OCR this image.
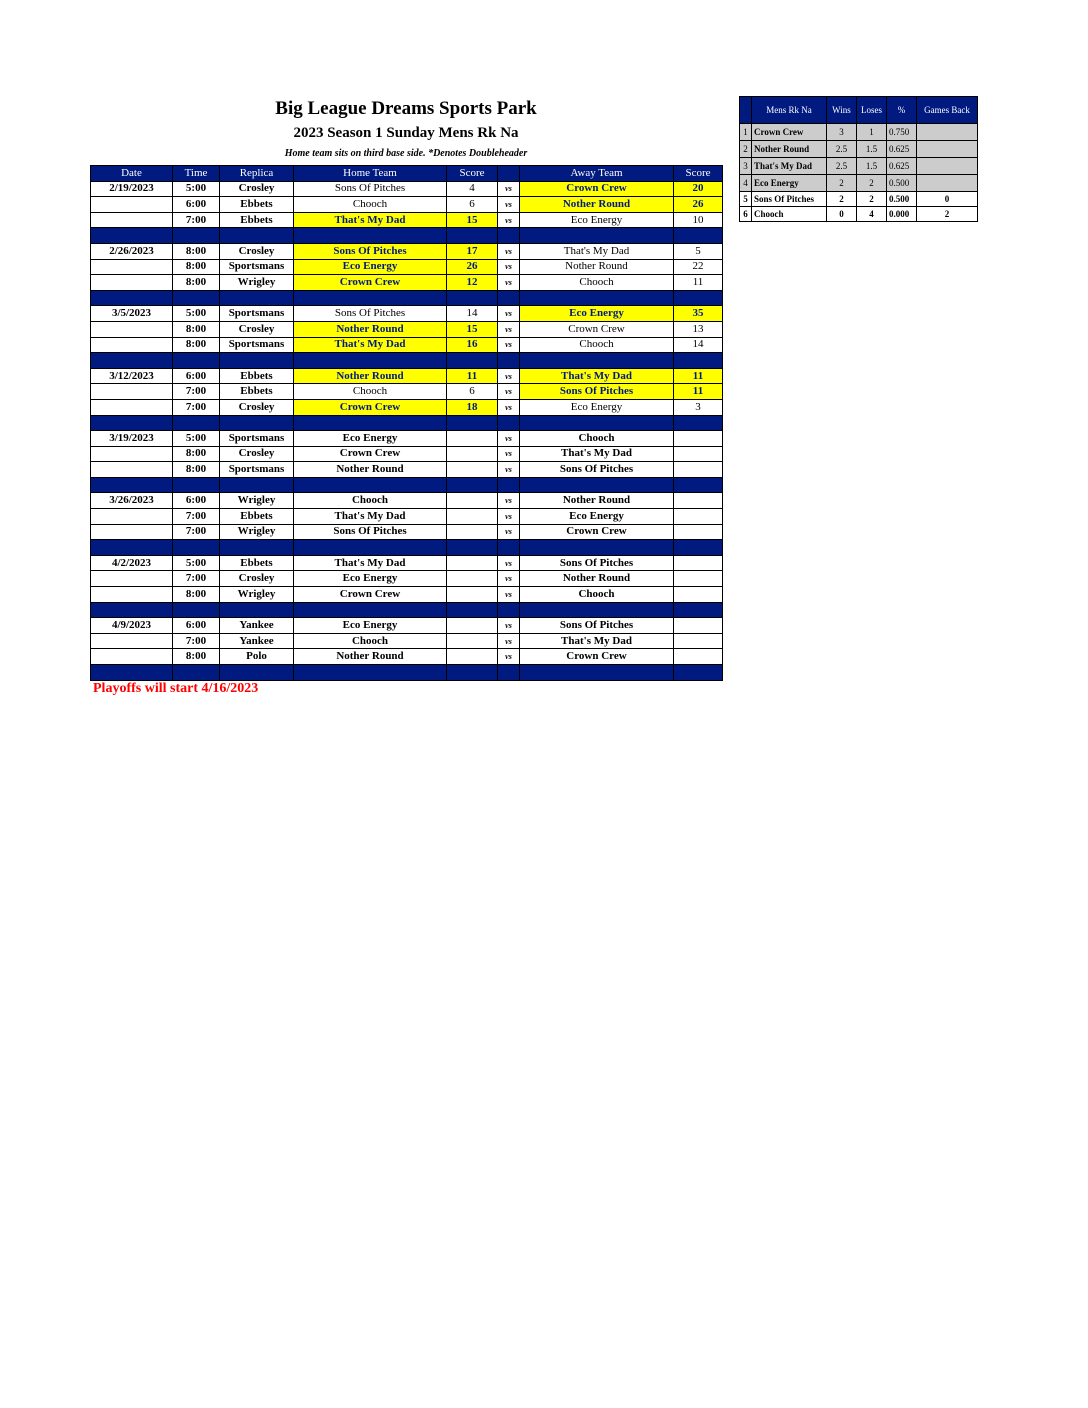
Big League Dreams Sports Park
2023 Season 1 Sunday Mens Rk Na
Home team sits on third base side. *Denotes Doubleheader
Date	Time	Replica	Home Team	Score		Away Team	Score
2/19/2023	5:00	Crosley	Sons Of Pitches	4	vs	Crown Crew	20
	6:00	Ebbets	Chooch	6	vs	Nother Round	26
	7:00	Ebbets	That's My Dad	15	vs	Eco Energy	10

2/26/2023	8:00	Crosley	Sons Of Pitches	17	vs	That's My Dad	5
	8:00	Sportsmans	Eco Energy	26	vs	Nother Round	22
	8:00	Wrigley	Crown Crew	12	vs	Chooch	11

3/5/2023	5:00	Sportsmans	Sons Of Pitches	14	vs	Eco Energy	35
	8:00	Crosley	Nother Round	15	vs	Crown Crew	13
	8:00	Sportsmans	That's My Dad	16	vs	Chooch	14

3/12/2023	6:00	Ebbets	Nother Round	11	vs	That's My Dad	11
	7:00	Ebbets	Chooch	6	vs	Sons Of Pitches	11
	7:00	Crosley	Crown Crew	18	vs	Eco Energy	3

3/19/2023	5:00	Sportsmans	Eco Energy		vs	Chooch	
	8:00	Crosley	Crown Crew		vs	That's My Dad	
	8:00	Sportsmans	Nother Round		vs	Sons Of Pitches	

3/26/2023	6:00	Wrigley	Chooch		vs	Nother Round	
	7:00	Ebbets	That's My Dad		vs	Eco Energy	
	7:00	Wrigley	Sons Of Pitches		vs	Crown Crew	

4/2/2023	5:00	Ebbets	That's My Dad		vs	Sons Of Pitches	
	7:00	Crosley	Eco Energy		vs	Nother Round	
	8:00	Wrigley	Crown Crew		vs	Chooch	

4/9/2023	6:00	Yankee	Eco Energy		vs	Sons Of Pitches	
	7:00	Yankee	Chooch		vs	That's My Dad	
	8:00	Polo	Nother Round		vs	Crown Crew	

Playoffs will start 4/16/2023
	Mens Rk Na	Wins	Loses	%	Games Back
1	Crown Crew	3	1	0.750	
2	Nother Round	2.5	1.5	0.625	
3	That's My Dad	2.5	1.5	0.625	
4	Eco Energy	2	2	0.500	
5	Sons Of Pitches	2	2	0.500	0
6	Chooch	0	4	0.000	2
